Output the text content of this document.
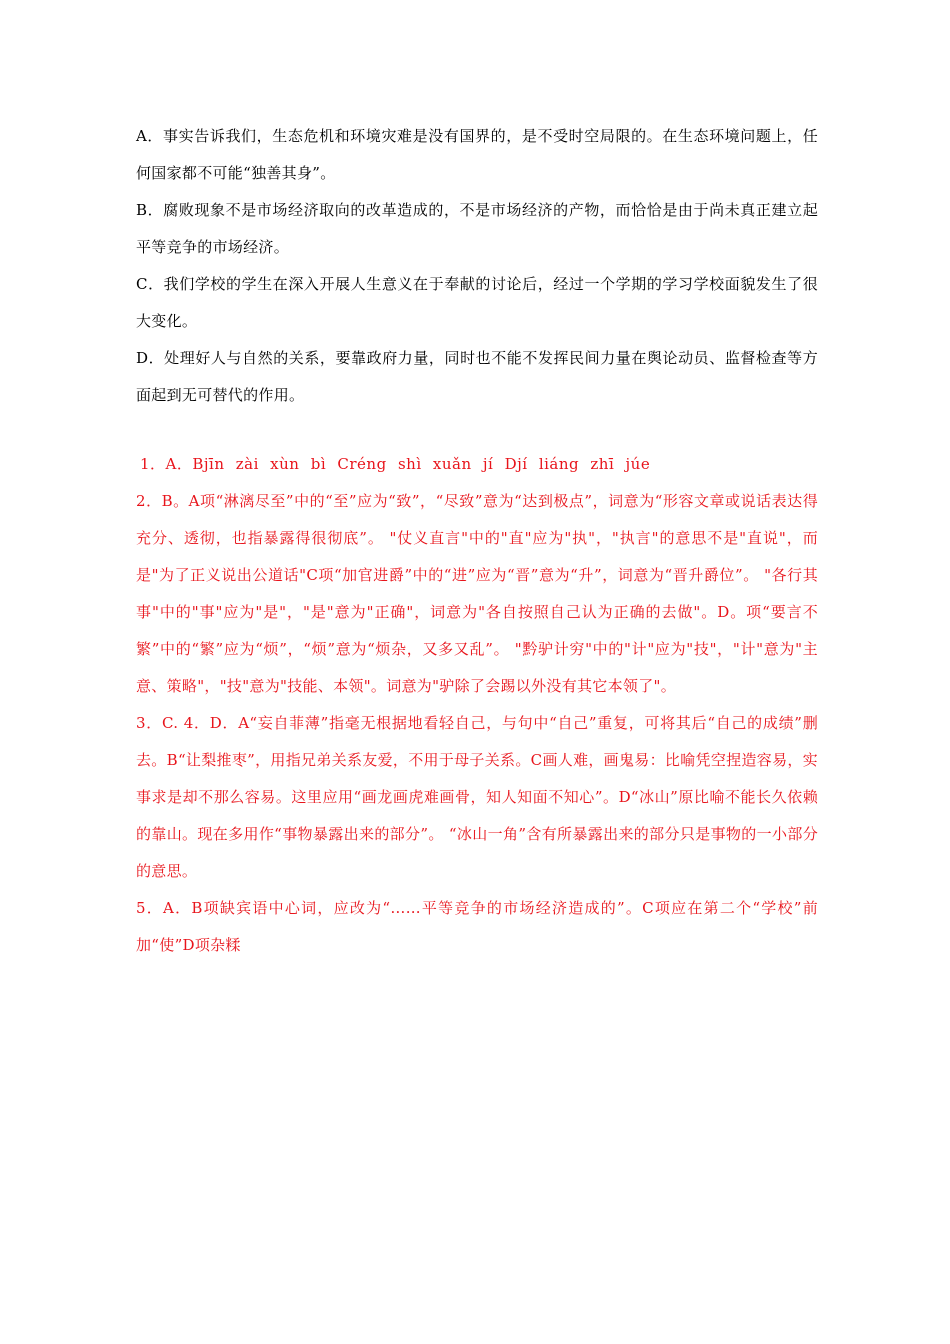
A．事实告诉我们，生态危机和环境灾难是没有国界的，是不受时空局限的。在生态环境问题上，任何国家都不可能“独善其身”。

B．腐败现象不是市场经济取向的改革造成的，不是市场经济的产物，而恰恰是由于尚未真正建立起平等竞争的市场经济。

C．我们学校的学生在深入开展人生意义在于奉献的讨论后，经过一个学期的学习学校面貌发生了很大变化。

D．处理好人与自然的关系，要靠政府力量，同时也不能不发挥民间力量在舆论动员、监督检查等方面起到无可替代的作用。

1．A．Bjīn zài xùn bì Créng shì xuǎn jí Djí liáng zhī júe

2．B。A项“淋漓尽至”中的“至”应为“致”，“尽致”意为“达到极点”，词意为“形容文章或说话表达得充分、透彻，也指暴露得很彻底”。 "仗义直言"中的"直"应为"执"，"执言"的意思不是"直说"，而是"为了正义说出公道话"C项“加官进爵”中的“进”应为“晋”意为“升”，词意为“晋升爵位”。 "各行其事"中的"事"应为"是"，"是"意为"正确"，词意为"各自按照自己认为正确的去做"。D。项“要言不繁”中的“繁”应为“烦”，“烦”意为“烦杂，又多又乱”。 "黔驴计穷"中的"计"应为"技"，"计"意为"主意、策略"，"技"意为"技能、本领"。词意为"驴除了会踢以外没有其它本领了"。

3．C. 4．D．A“妄自菲薄”指毫无根据地看轻自己，与句中“自己”重复，可将其后“自己的成绩”删去。B“让梨推枣”，用指兄弟关系友爱，不用于母子关系。C画人难，画鬼易：比喻凭空捏造容易，实事求是却不那么容易。这里应用“画龙画虎难画骨，知人知面不知心”。D“冰山”原比喻不能长久依赖的靠山。现在多用作“事物暴露出来的部分”。 “冰山一角”含有所暴露出来的部分只是事物的一小部分的意思。

5．A．B项缺宾语中心词，应改为“……平等竞争的市场经济造成的”。C项应在第二个“学校”前加“使”D项杂糅
